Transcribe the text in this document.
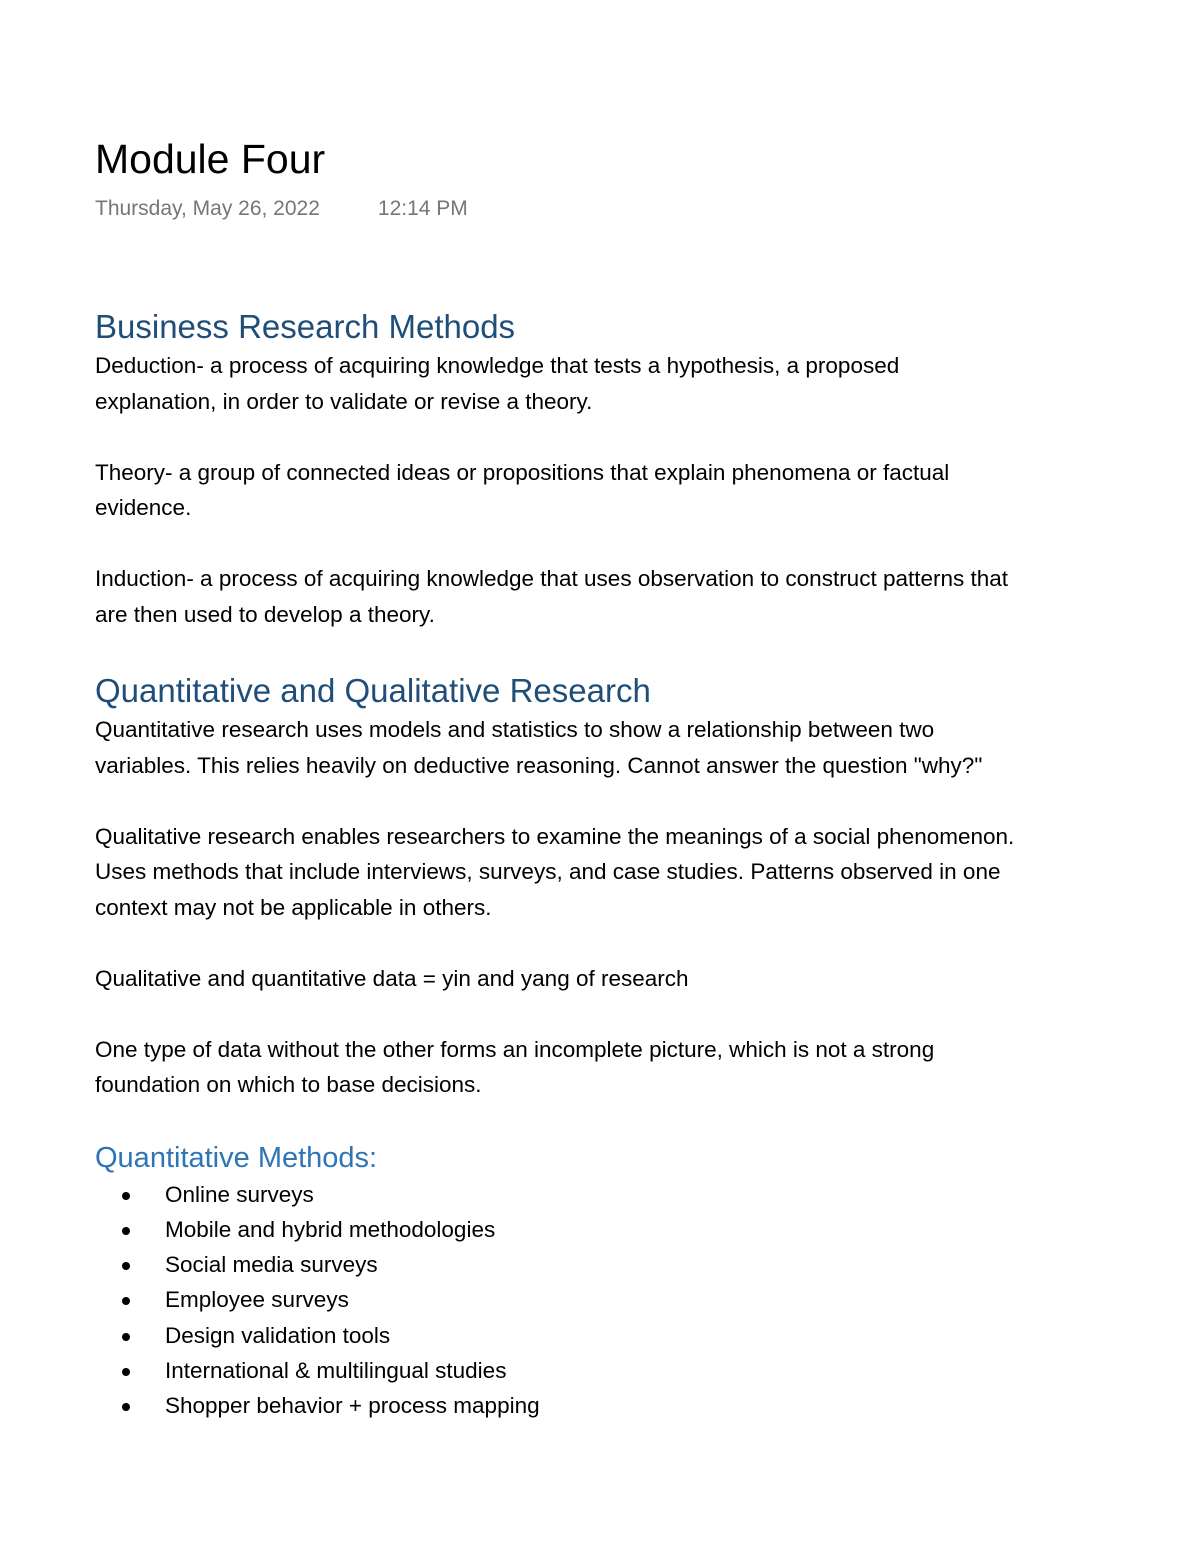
Module Four
Thursday, May 26, 2022	12:14 PM
Business Research Methods

Deduction- a process of acquiring knowledge that tests a hypothesis, a proposed

explanation, in order to validate or revise a theory.

Theory- a group of connected ideas or propositions that explain phenomena or factual

evidence.

Induction- a process of acquiring knowledge that uses observation to construct patterns that

are then used to develop a theory.

Quantitative and Qualitative Research

Quantitative research uses models and statistics to show a relationship between two

variables. This relies heavily on deductive reasoning. Cannot answer the question "why?"

Qualitative research enables researchers to examine the meanings of a social phenomenon.

Uses methods that include interviews, surveys, and case studies. Patterns observed in one

context may not be applicable in others.

Qualitative and quantitative data = yin and yang of research

One type of data without the other forms an incomplete picture, which is not a strong

foundation on which to base decisions.

Quantitative Methods:
Online surveys
Mobile and hybrid methodologies
Social media surveys
Employee surveys
Design validation tools
International & multilingual studies
Shopper behavior + process mapping
